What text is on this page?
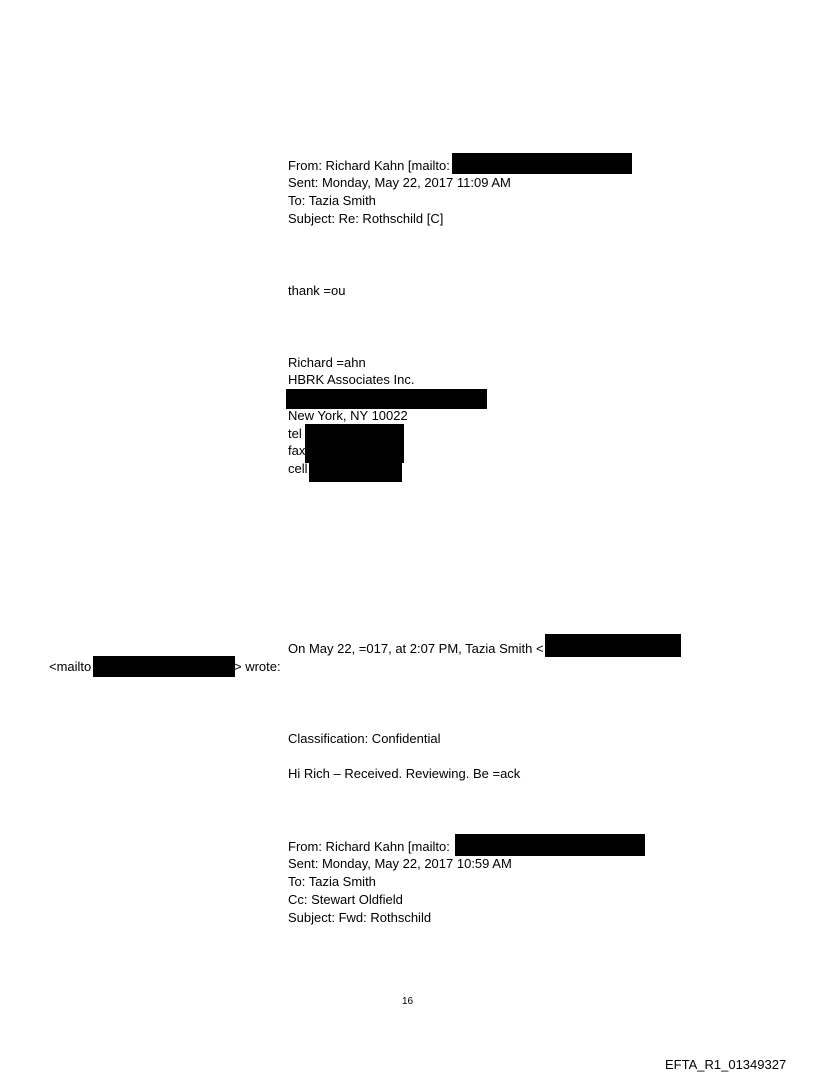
From: Richard Kahn [mailto:
Sent: Monday, May 22, 2017 11:09 AM
To: Tazia Smith
Subject: Re: Rothschild [C]
thank =ou
Richard =ahn
HBRK Associates Inc.
New York, NY 10022
tel
fax
cell
On May 22, =017, at 2:07 PM, Tazia Smith <
<mailto	> wrote:
Classification: Confidential
Hi Rich – Received. Reviewing. Be =ack
From: Richard Kahn [mailto:
Sent: Monday, May 22, 2017 10:59 AM
To: Tazia Smith
Cc: Stewart Oldfield
Subject: Fwd: Rothschild
16
EFTA_R1_01349327
